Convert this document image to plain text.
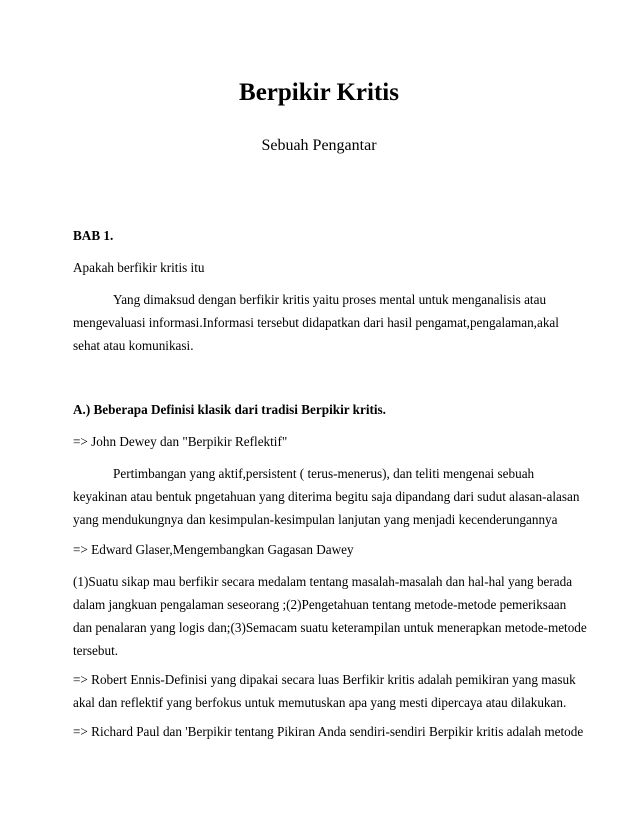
Berpikir Kritis

Sebuah Pengantar

BAB 1.

Apakah berfikir kritis itu

Yang dimaksud dengan berfikir kritis yaitu proses mental untuk menganalisis atau

mengevaluasi informasi.Informasi tersebut didapatkan dari hasil pengamat,pengalaman,akal

sehat atau komunikasi.

A.) Beberapa Definisi klasik dari tradisi Berpikir kritis.

=> John Dewey dan "Berpikir Reflektif"

Pertimbangan yang aktif,persistent ( terus-menerus), dan teliti mengenai sebuah

keyakinan atau bentuk pngetahuan yang diterima begitu saja dipandang dari sudut alasan-alasan

yang mendukungnya dan kesimpulan-kesimpulan lanjutan yang menjadi kecenderungannya

=> Edward Glaser,Mengembangkan Gagasan Dawey

(1)Suatu sikap mau berfikir secara medalam tentang masalah-masalah dan hal-hal yang berada

dalam jangkuan pengalaman seseorang ;(2)Pengetahuan tentang metode-metode pemeriksaan

dan penalaran yang logis dan;(3)Semacam suatu keterampilan untuk menerapkan metode-metode

tersebut.

=> Robert Ennis-Definisi yang dipakai secara luas Berfikir kritis adalah pemikiran yang masuk

akal dan reflektif yang berfokus untuk memutuskan apa yang mesti dipercaya atau dilakukan.

=> Richard Paul dan 'Berpikir tentang Pikiran Anda sendiri-sendiri Berpikir kritis adalah metode
